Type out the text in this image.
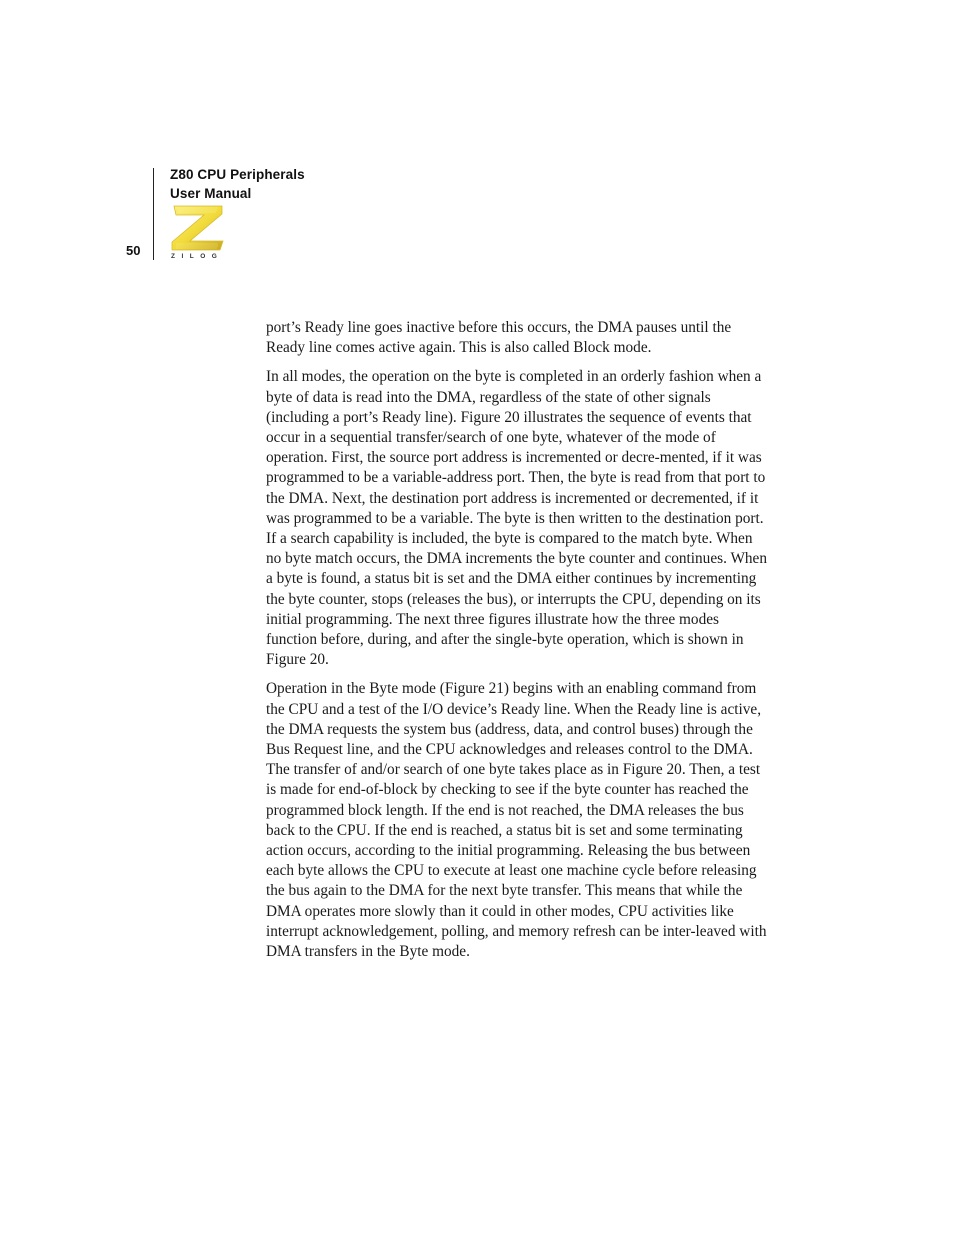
Z80 CPU Peripherals
User Manual
50	ZILOG

port’s Ready line goes inactive before this occurs, the DMA pauses until the Ready line comes active again. This is also called Block mode.

In all modes, the operation on the byte is completed in an orderly fashion when a byte of data is read into the DMA, regardless of the state of other signals (including a port’s Ready line). Figure 20 illustrates the sequence of events that occur in a sequential transfer/search of one byte, whatever of the mode of operation. First, the source port address is incremented or decre-mented, if it was programmed to be a variable-address port. Then, the byte is read from that port to the DMA. Next, the destination port address is incremented or decremented, if it was programmed to be a variable. The byte is then written to the destination port. If a search capability is included, the byte is compared to the match byte. When no byte match occurs, the DMA increments the byte counter and continues. When a byte is found, a status bit is set and the DMA either continues by incrementing the byte counter, stops (releases the bus), or interrupts the CPU, depending on its initial programming. The next three figures illustrate how the three modes function before, during, and after the single-byte operation, which is shown in Figure 20.

Operation in the Byte mode (Figure 21) begins with an enabling command from the CPU and a test of the I/O device’s Ready line. When the Ready line is active, the DMA requests the system bus (address, data, and control buses) through the Bus Request line, and the CPU acknowledges and releases control to the DMA. The transfer of and/or search of one byte takes place as in Figure 20. Then, a test is made for end-of-block by checking to see if the byte counter has reached the programmed block length. If the end is not reached, the DMA releases the bus back to the CPU. If the end is reached, a status bit is set and some terminating action occurs, according to the initial programming. Releasing the bus between each byte allows the CPU to execute at least one machine cycle before releasing the bus again to the DMA for the next byte transfer. This means that while the DMA operates more slowly than it could in other modes, CPU activities like interrupt acknowledgement, polling, and memory refresh can be inter-leaved with DMA transfers in the Byte mode.
